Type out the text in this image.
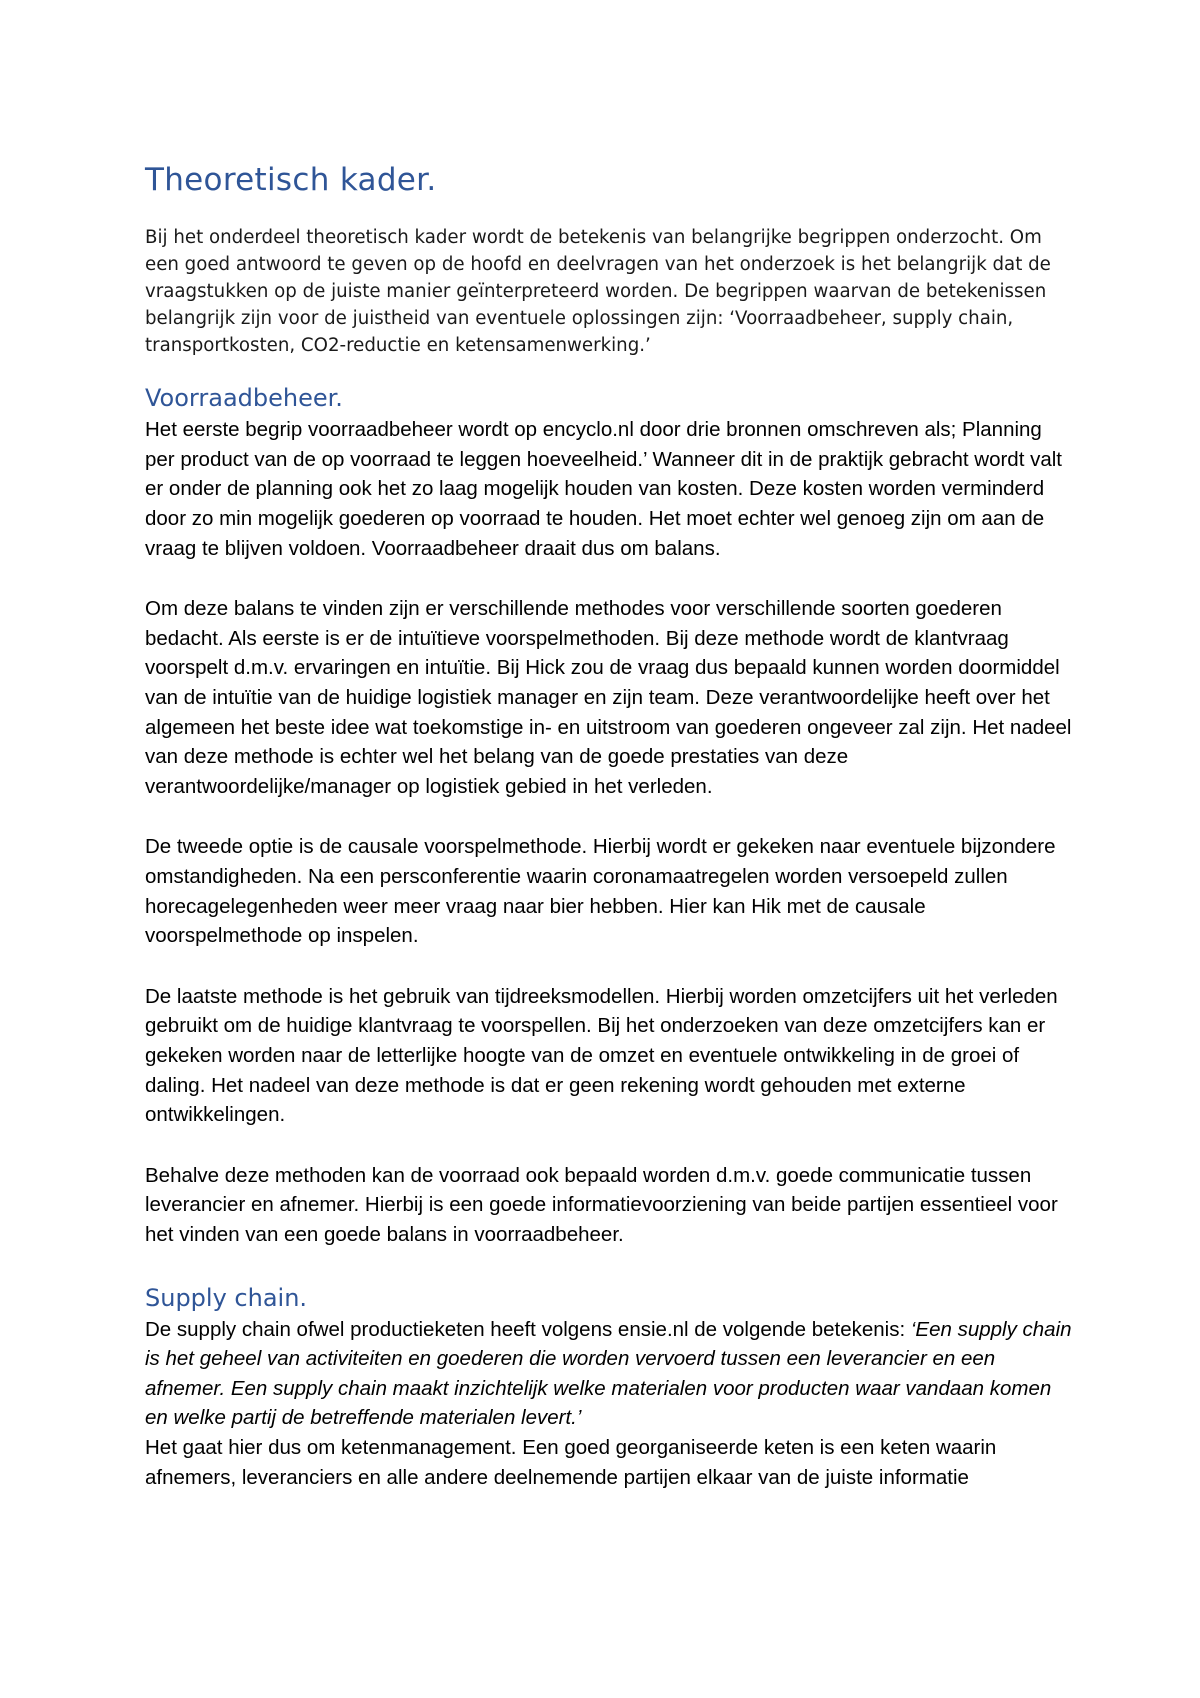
Theoretisch kader.

Bij het onderdeel theoretisch kader wordt de betekenis van belangrijke begrippen onderzocht. Om een goed antwoord te geven op de hoofd en deelvragen van het onderzoek is het belangrijk dat de vraagstukken op de juiste manier geïnterpreteerd worden. De begrippen waarvan de betekenissen belangrijk zijn voor de juistheid van eventuele oplossingen zijn: ‘Voorraadbeheer, supply chain, transportkosten, CO2-reductie en ketensamenwerking.’

Voorraadbeheer.

Het eerste begrip voorraadbeheer wordt op encyclo.nl door drie bronnen omschreven als; Planning per product van de op voorraad te leggen hoeveelheid.’ Wanneer dit in de praktijk gebracht wordt valt er onder de planning ook het zo laag mogelijk houden van kosten. Deze kosten worden verminderd door zo min mogelijk goederen op voorraad te houden. Het moet echter wel genoeg zijn om aan de vraag te blijven voldoen. Voorraadbeheer draait dus om balans.

Om deze balans te vinden zijn er verschillende methodes voor verschillende soorten goederen bedacht. Als eerste is er de intuïtieve voorspelmethoden. Bij deze methode wordt de klantvraag voorspelt d.m.v. ervaringen en intuïtie. Bij Hick zou de vraag dus bepaald kunnen worden doormiddel van de intuïtie van de huidige logistiek manager en zijn team. Deze verantwoordelijke heeft over het algemeen het beste idee wat toekomstige in- en uitstroom van goederen ongeveer zal zijn. Het nadeel van deze methode is echter wel het belang van de goede prestaties van deze verantwoordelijke/manager op logistiek gebied in het verleden.

De tweede optie is de causale voorspelmethode. Hierbij wordt er gekeken naar eventuele bijzondere omstandigheden. Na een persconferentie waarin coronamaatregelen worden versoepeld zullen horecagelegenheden weer meer vraag naar bier hebben. Hier kan Hik met de causale voorspelmethode op inspelen.

De laatste methode is het gebruik van tijdreeksmodellen. Hierbij worden omzetcijfers uit het verleden gebruikt om de huidige klantvraag te voorspellen. Bij het onderzoeken van deze omzetcijfers kan er gekeken worden naar de letterlijke hoogte van de omzet en eventuele ontwikkeling in de groei of daling. Het nadeel van deze methode is dat er geen rekening wordt gehouden met externe ontwikkelingen.

Behalve deze methoden kan de voorraad ook bepaald worden d.m.v. goede communicatie tussen leverancier en afnemer. Hierbij is een goede informatievoorziening van beide partijen essentieel voor het vinden van een goede balans in voorraadbeheer.

Supply chain.

De supply chain ofwel productieketen heeft volgens ensie.nl de volgende betekenis: ‘Een supply chain is het geheel van activiteiten en goederen die worden vervoerd tussen een leverancier en een afnemer. Een supply chain maakt inzichtelijk welke materialen voor producten waar vandaan komen en welke partij de betreffende materialen levert.’

Het gaat hier dus om ketenmanagement. Een goed georganiseerde keten is een keten waarin afnemers, leveranciers en alle andere deelnemende partijen elkaar van de juiste informatie
